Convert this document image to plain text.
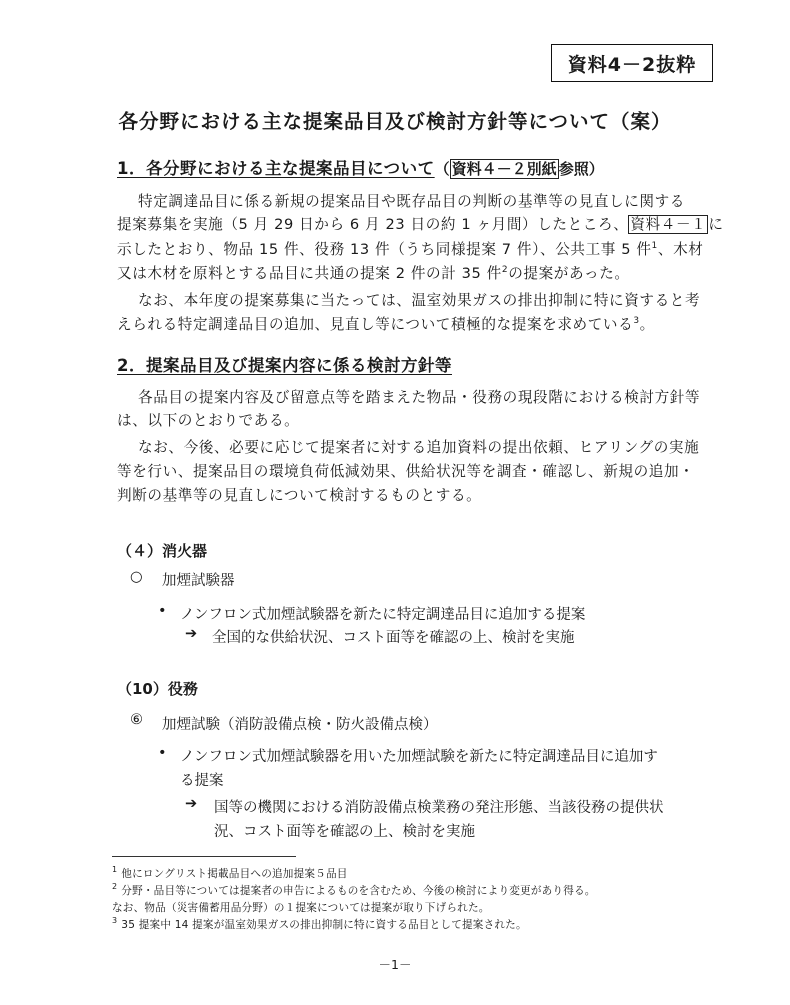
資料4－2抜粋
各分野における主な提案品目及び検討方針等について（案）
1．各分野における主な提案品目について（ 資料４－２別紙 参照）
特定調達品目に係る新規の提案品目や既存品目の判断の基準等の見直しに関する
提案募集を実施（5 月 29 日から 6 月 23 日の約 1 ヶ月間）したところ、 資料４－１ に
示したとおり、物品 15 件、役務 13 件（うち同様提案 7 件）、公共工事 5 件$^1$、木材
又は木材を原料とする品目に共通の提案 2 件の計 35 件$^2$の提案があった。
なお、本年度の提案募集に当たっては、温室効果ガスの排出抑制に特に資すると考
えられる特定調達品目の追加、見直し等について積極的な提案を求めている$^3$。
2．提案品目及び提案内容に係る検討方針等
各品目の提案内容及び留意点等を踏まえた物品・役務の現段階における検討方針等
は、以下のとおりである。
なお、今後、必要に応じて提案者に対する追加資料の提出依頼、ヒアリングの実施
等を行い、提案品目の環境負荷低減効果、供給状況等を調査・確認し、新規の追加・
判断の基準等の見直しについて検討するものとする。
（４）消火器
○ 加煙試験器
• ノンフロン式加煙試験器を新たに特定調達品目に追加する提案
➔ 全国的な供給状況、コスト面等を確認の上、検討を実施
（10）役務
⑥ 加煙試験（消防設備点検・防火設備点検）
• ノンフロン式加煙試験器を用いた加煙試験を新たに特定調達品目に追加す
る提案
➔ 国等の機関における消防設備点検業務の発注形態、当該役務の提供状
況、コスト面等を確認の上、検討を実施
$^1$ 他にロングリスト掲載品目への追加提案５品目
$^2$ 分野・品目等については提案者の申告によるものを含むため、今後の検討により変更があり得る。
なお、物品（災害備蓄用品分野）の１提案については提案が取り下げられた。
$^3$ 35 提案中 14 提案が温室効果ガスの排出抑制に特に資する品目として提案された。
－1－
